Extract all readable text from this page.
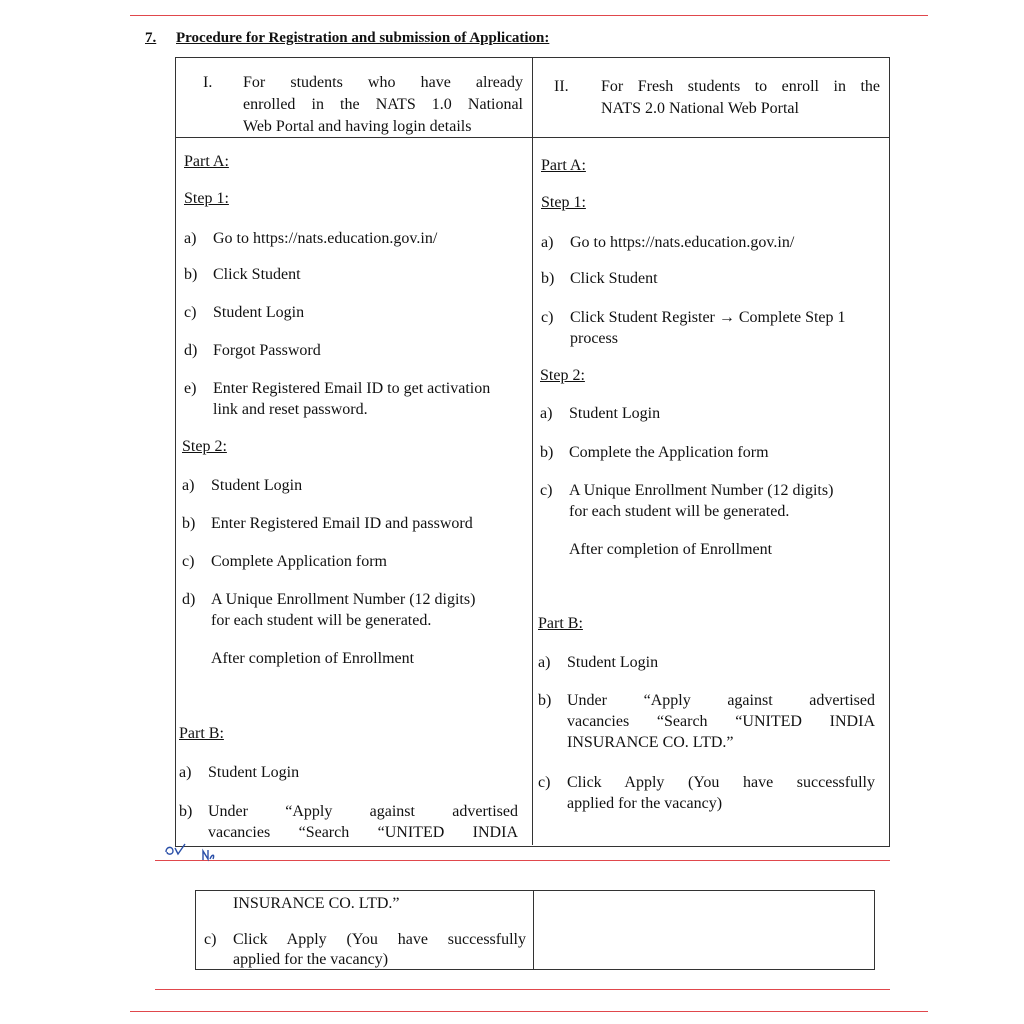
7. Procedure for Registration and submission of Application:
I. For students who have already
enrolled in the NATS 1.0 National
Web Portal and having login details
II. For Fresh students to enroll in the
NATS 2.0 National Web Portal
Part A:
Step 1:
a) Go to https://nats.education.gov.in/
b) Click Student
c) Student Login
d) Forgot Password
e) Enter Registered Email ID to get activation
link and reset password.
Step 2:
a) Student Login
b) Enter Registered Email ID and password
c) Complete Application form
d) A Unique Enrollment Number (12 digits)
for each student will be generated.
After completion of Enrollment
Part B:
a) Student Login
b) Under “Apply against advertised
vacancies “Search “UNITED INDIA
Part A:
Step 1:
a) Go to https://nats.education.gov.in/
b) Click Student
c) Click Student Register → Complete Step 1
process
Step 2:
a) Student Login
b) Complete the Application form
c) A Unique Enrollment Number (12 digits)
for each student will be generated.
After completion of Enrollment
Part B:
a) Student Login
b) Under “Apply against advertised
vacancies “Search “UNITED INDIA
INSURANCE CO. LTD.”
c) Click Apply (You have successfully
applied for the vacancy)
INSURANCE CO. LTD.”
c) Click Apply (You have successfully
applied for the vacancy)
